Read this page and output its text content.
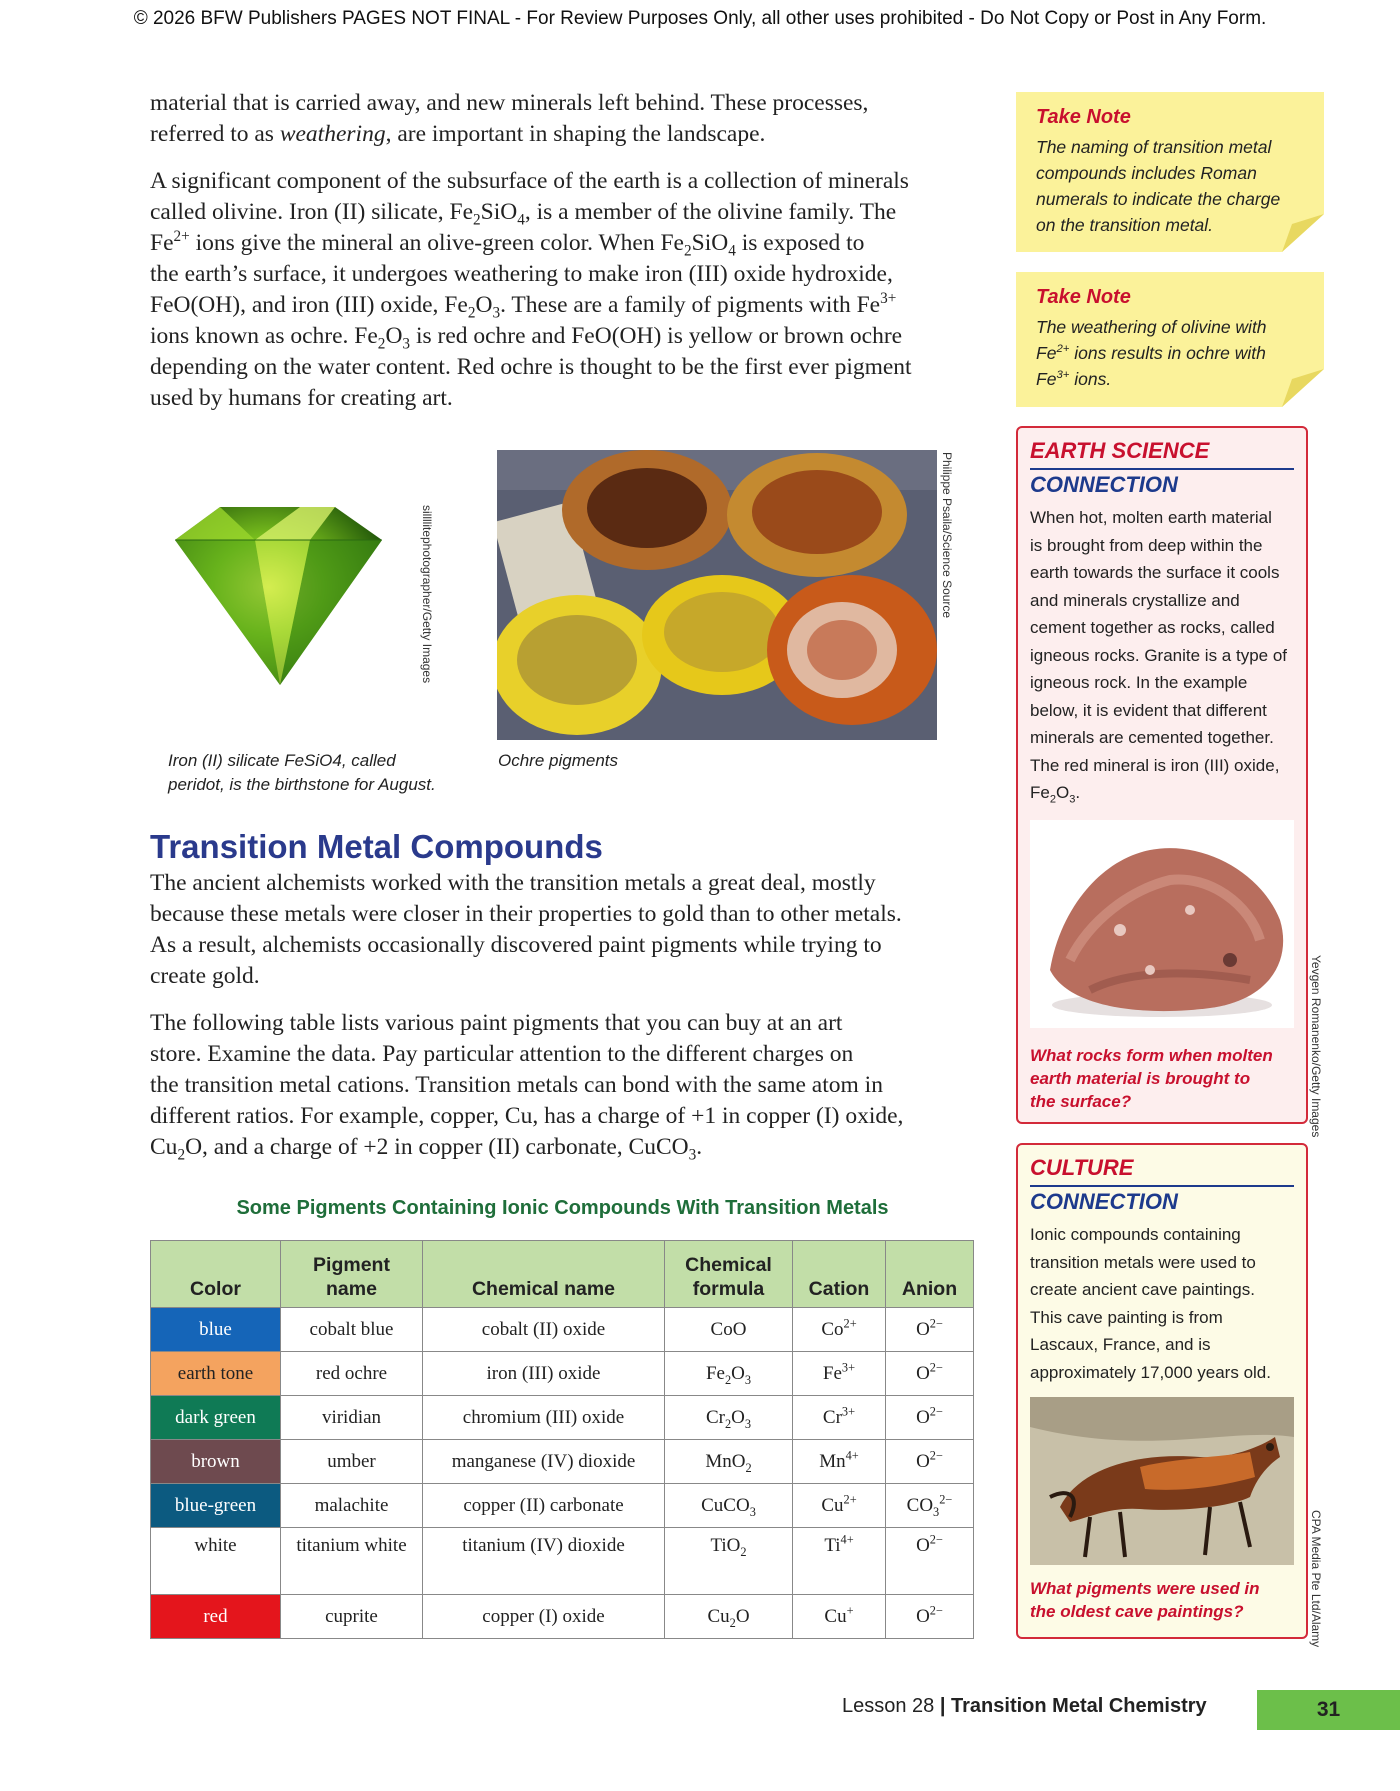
© 2026 BFW Publishers PAGES NOT FINAL - For Review Purposes Only, all other uses prohibited - Do Not Copy or Post in Any Form.

material that is carried away, and new minerals left behind. These processes,
referred to as weathering, are important in shaping the landscape.

A significant component of the subsurface of the earth is a collection of minerals
called olivine. Iron (II) silicate, $Fe_2SiO_4$, is a member of the olivine family. The
$Fe^{2+}$ ions give the mineral an olive-green color. When $Fe_2SiO_4$ is exposed to
the earth’s surface, it undergoes weathering to make iron (III) oxide hydroxide,
FeO(OH), and iron (III) oxide, $Fe_2O_3$. These are a family of pigments with $Fe^{3+}$
ions known as ochre. $Fe_2O_3$ is red ochre and FeO(OH) is yellow or brown ochre
depending on the water content. Red ochre is thought to be the first ever pigment
used by humans for creating art.

sillllitephotographer/Getty Images	Philippe Psaila/Science Source
Iron (II) silicate FeSiO4, called
peridot, is the birthstone for August.
Ochre pigments
Transition Metal Compounds

The ancient alchemists worked with the transition metals a great deal, mostly
because these metals were closer in their properties to gold than to other metals.
As a result, alchemists occasionally discovered paint pigments while trying to
create gold.

The following table lists various paint pigments that you can buy at an art
store. Examine the data. Pay particular attention to the different charges on
the transition metal cations. Transition metals can bond with the same atom in
different ratios. For example, copper, Cu, has a charge of +1 in copper (I) oxide,
$Cu_2O$, and a charge of +2 in copper (II) carbonate, CuCO$_3$.

Some Pigments Containing Ionic Compounds With Transition Metals
Color	Pigment name	Chemical name	Chemical formula	Cation	Anion
blue	cobalt blue	cobalt (II) oxide	CoO	$Co^{2+}$	$O^{2-}$
earth tone	red ochre	iron (III) oxide	$Fe_2O_3$	$Fe^{3+}$	$O^{2-}$
dark green	viridian	chromium (III) oxide	$Cr_2O_3$	$Cr^{3+}$	$O^{2-}$
brown	umber	manganese (IV) dioxide	MnO$_2$	$Mn^{4+}$	$O^{2-}$
blue-green	malachite	copper (II) carbonate	CuCO$_3$	$Cu^{2+}$	$CO_3^{2-}$
white	titanium white	titanium (IV) dioxide	TiO$_2$	$Ti^{4+}$	$O^{2-}$
red	cuprite	copper (I) oxide	$Cu_2O$	Cu+	$O^{2-}$
Take Note
The naming of transition metal
compounds includes Roman
numerals to indicate the charge
on the transition metal.
Take Note
The weathering of olivine with
$Fe^{2+}$ ions results in ochre with
$Fe^{3+}$ ions.
EARTH SCIENCE
CONNECTION
When hot, molten earth material
is brought from deep within the
earth towards the surface it cools
and minerals crystallize and
cement together as rocks, called
igneous rocks. Granite is a type of
igneous rock. In the example
below, it is evident that different
minerals are cemented together.
The red mineral is iron (III) oxide,
$Fe_2O_3$.
What rocks form when molten
earth material is brought to
the surface?	Yevgen Romanenko/Getty Images
CULTURE
CONNECTION
Ionic compounds containing
transition metals were used to
create ancient cave paintings.
This cave painting is from
Lascaux, France, and is
approximately 17,000 years old.
What pigments were used in
the oldest cave paintings?	CPA Media Pte Ltd/Alamy
Lesson 28 | Transition Metal Chemistry	31
